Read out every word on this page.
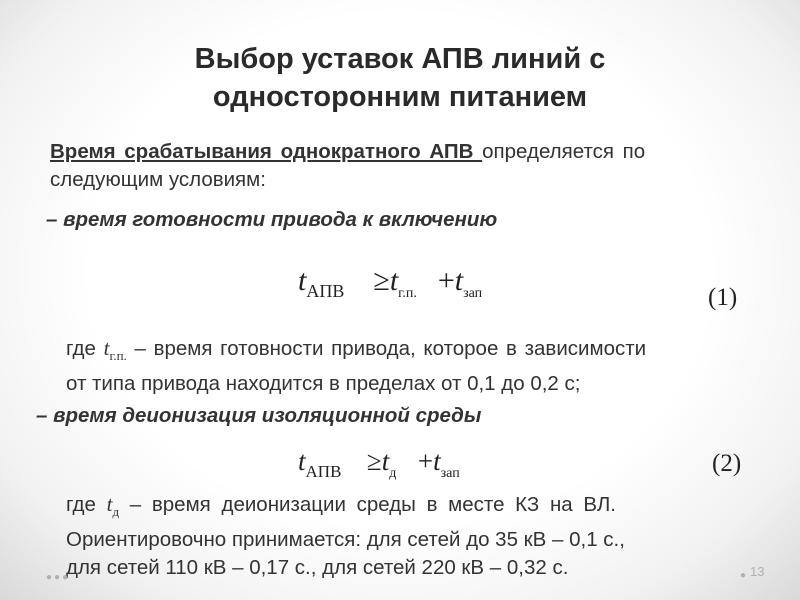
Выбор уставок АПВ линий с
односторонним питанием
Время срабатывания однократного АПВ определяется по
следующим условиям:
– время готовности привода к включению
$t_{АПВ} \ge t_{г.п.} +t_{зап}$	(1)
где $t_{г.п.}$ – время готовности привода, которое в зависимости
от типа привода находится в пределах от 0,1 до 0,2 с;
– время деионизация изоляционной среды
$t_{АПВ} \ge t_д +t_{зап}$	(2)
где $t_д$ – время деионизации среды в месте КЗ на ВЛ.
Ориентировочно принимается: для сетей до 35 кВ – 0,1 с.,
для сетей 110 кВ – 0,17 с., для сетей 220 кВ – 0,32 с.
●●●	● 13
